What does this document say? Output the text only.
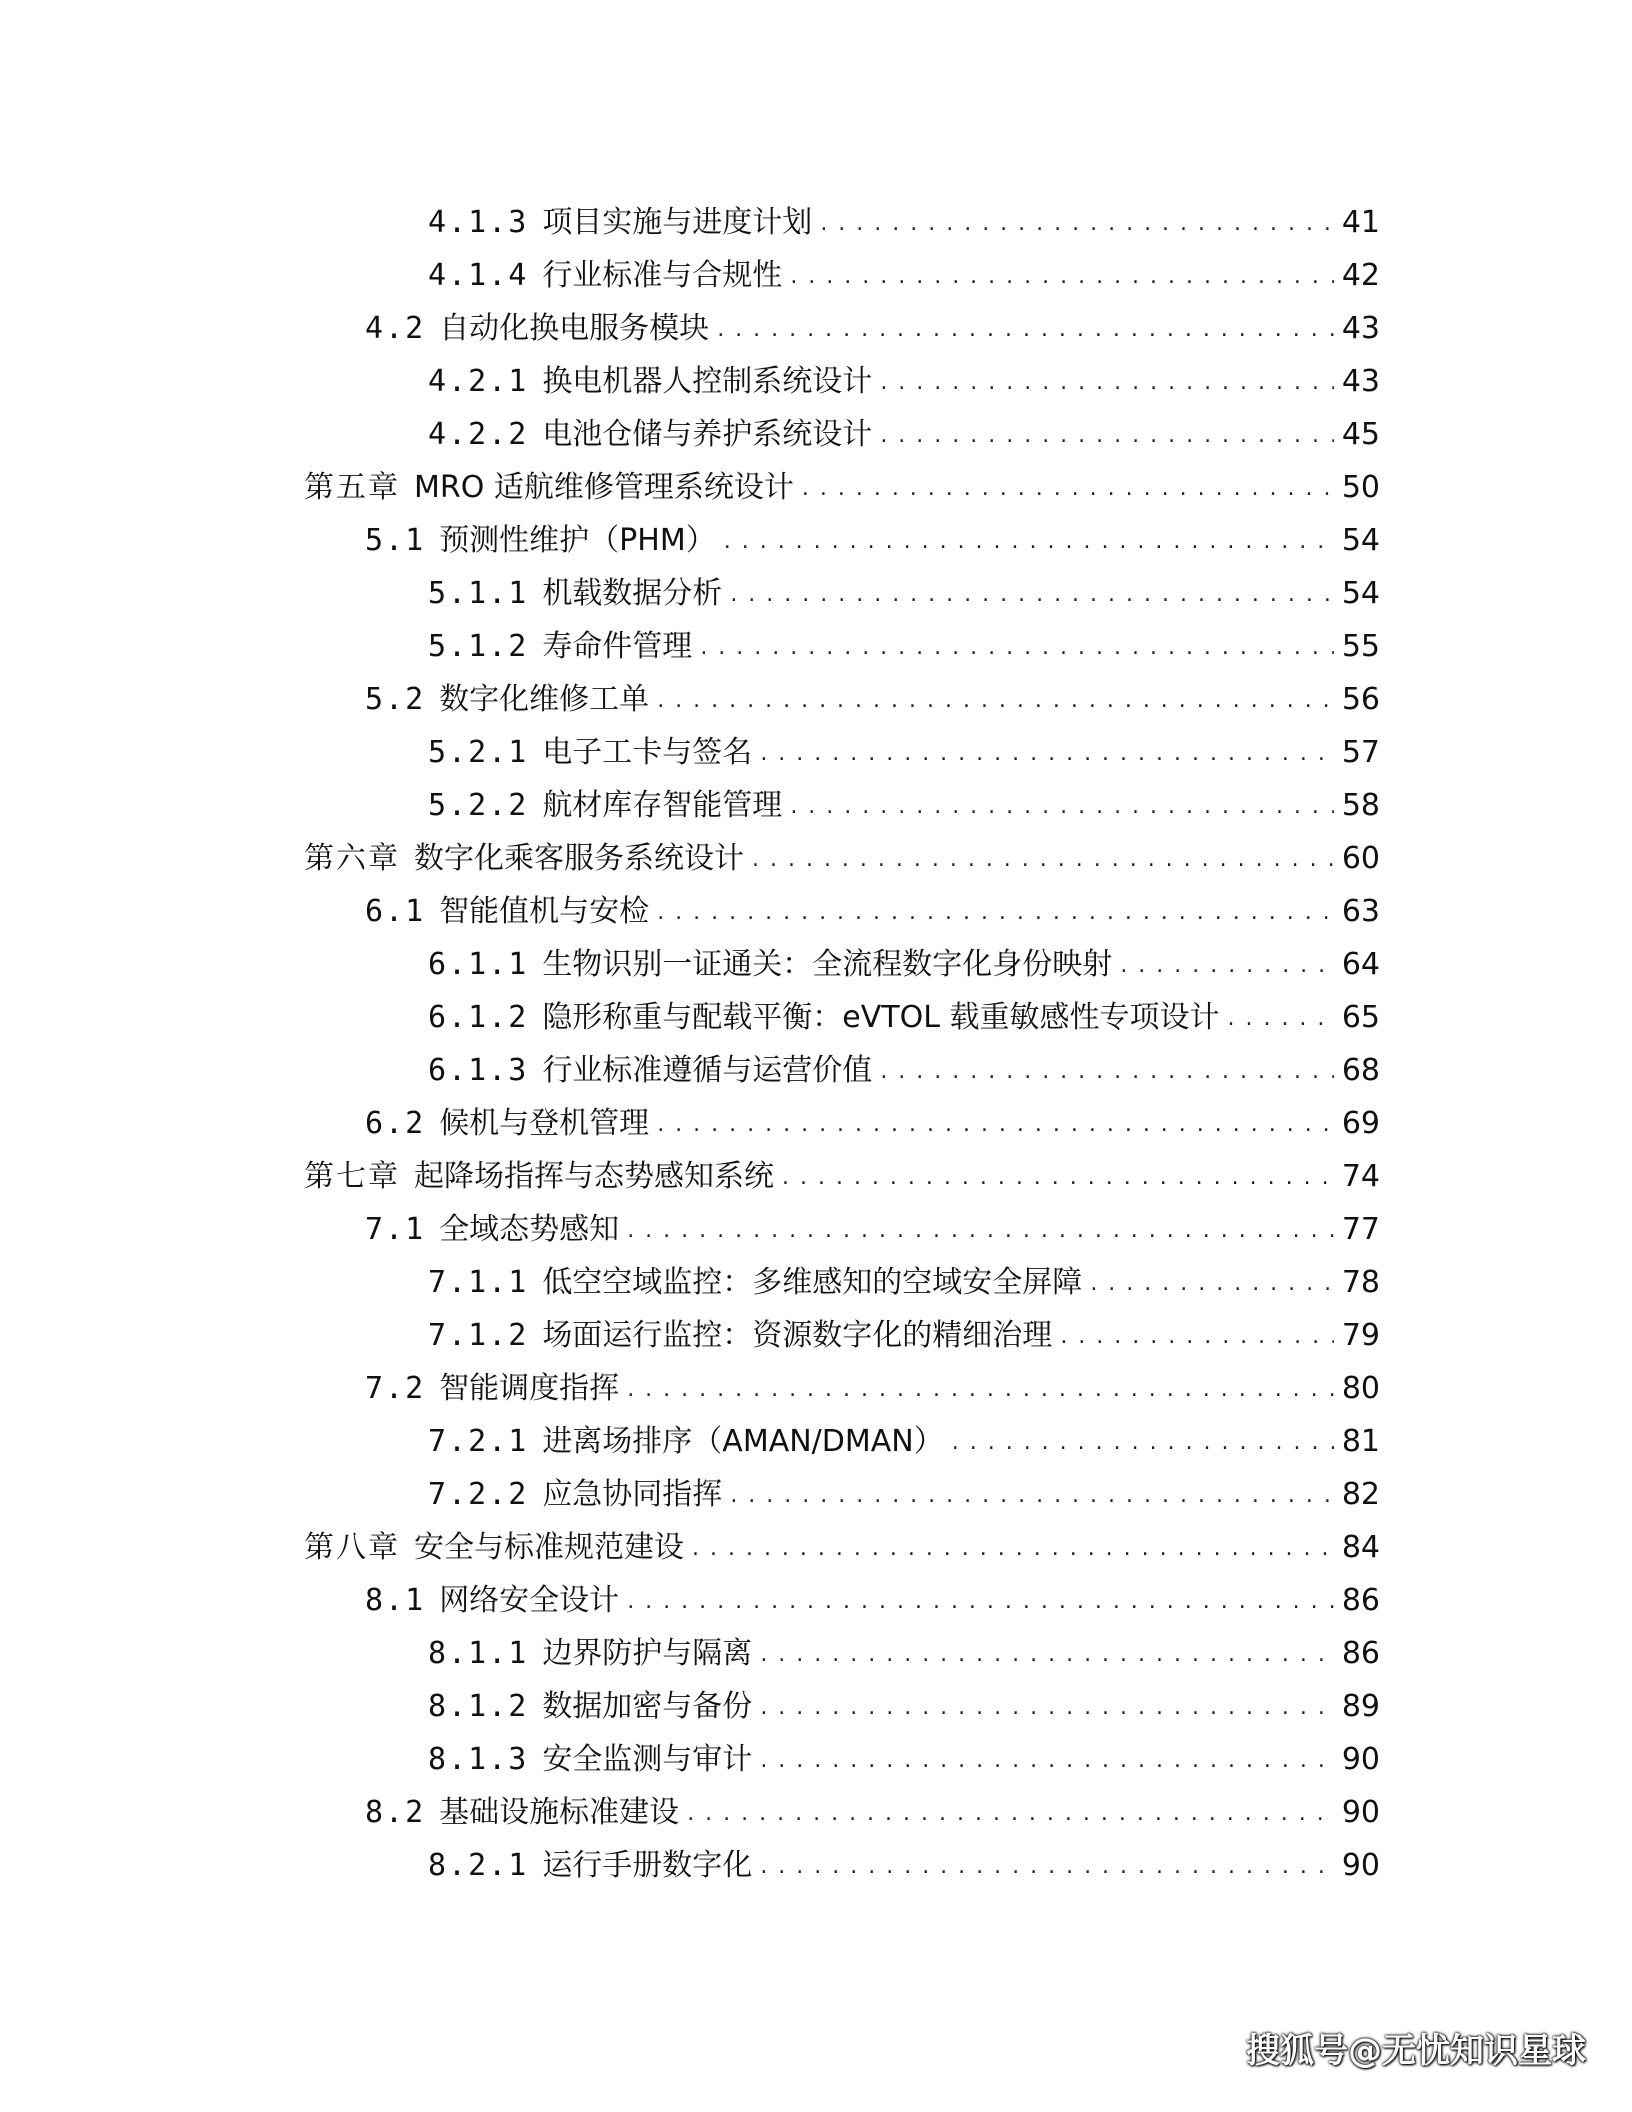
4.1.3 项目实施与进度计划 . . .	41
4.1.4 行业标准与合规性 . . .	42
4.2 自动化换电服务模块 . . .	43
4.2.1 换电机器人控制系统设计 . . .	43
4.2.2 电池仓储与养护系统设计 . . .	45
第五章 MRO 适航维修管理系统设计 . . .	50
5.1 预测性维护（PHM） . . .	54
5.1.1 机载数据分析 . . .	54
5.1.2 寿命件管理 . . .	55
5.2 数字化维修工单 . . .	56
5.2.1 电子工卡与签名 . . .	57
5.2.2 航材库存智能管理 . . .	58
第六章 数字化乘客服务系统设计 . . .	60
6.1 智能值机与安检 . . .	63
6.1.1 生物识别一证通关：全流程数字化身份映射 . . .	64
6.1.2 隐形称重与配载平衡：eVTOL 载重敏感性专项设计 . . .	65
6.1.3 行业标准遵循与运营价值 . . .	68
6.2 候机与登机管理 . . .	69
第七章 起降场指挥与态势感知系统 . . .	74
7.1 全域态势感知 . . .	77
7.1.1 低空空域监控：多维感知的空域安全屏障 . . .	78
7.1.2 场面运行监控：资源数字化的精细治理 . . .	79
7.2 智能调度指挥 . . .	80
7.2.1 进离场排序（AMAN/DMAN） . . .	81
7.2.2 应急协同指挥 . . .	82
第八章 安全与标准规范建设 . . .	84
8.1 网络安全设计 . . .	86
8.1.1 边界防护与隔离 . . .	86
8.1.2 数据加密与备份 . . .	89
8.1.3 安全监测与审计 . . .	90
8.2 基础设施标准建设 . . .	90
8.2.1 运行手册数字化 . . .	90
搜狐号@无忧知识星球
